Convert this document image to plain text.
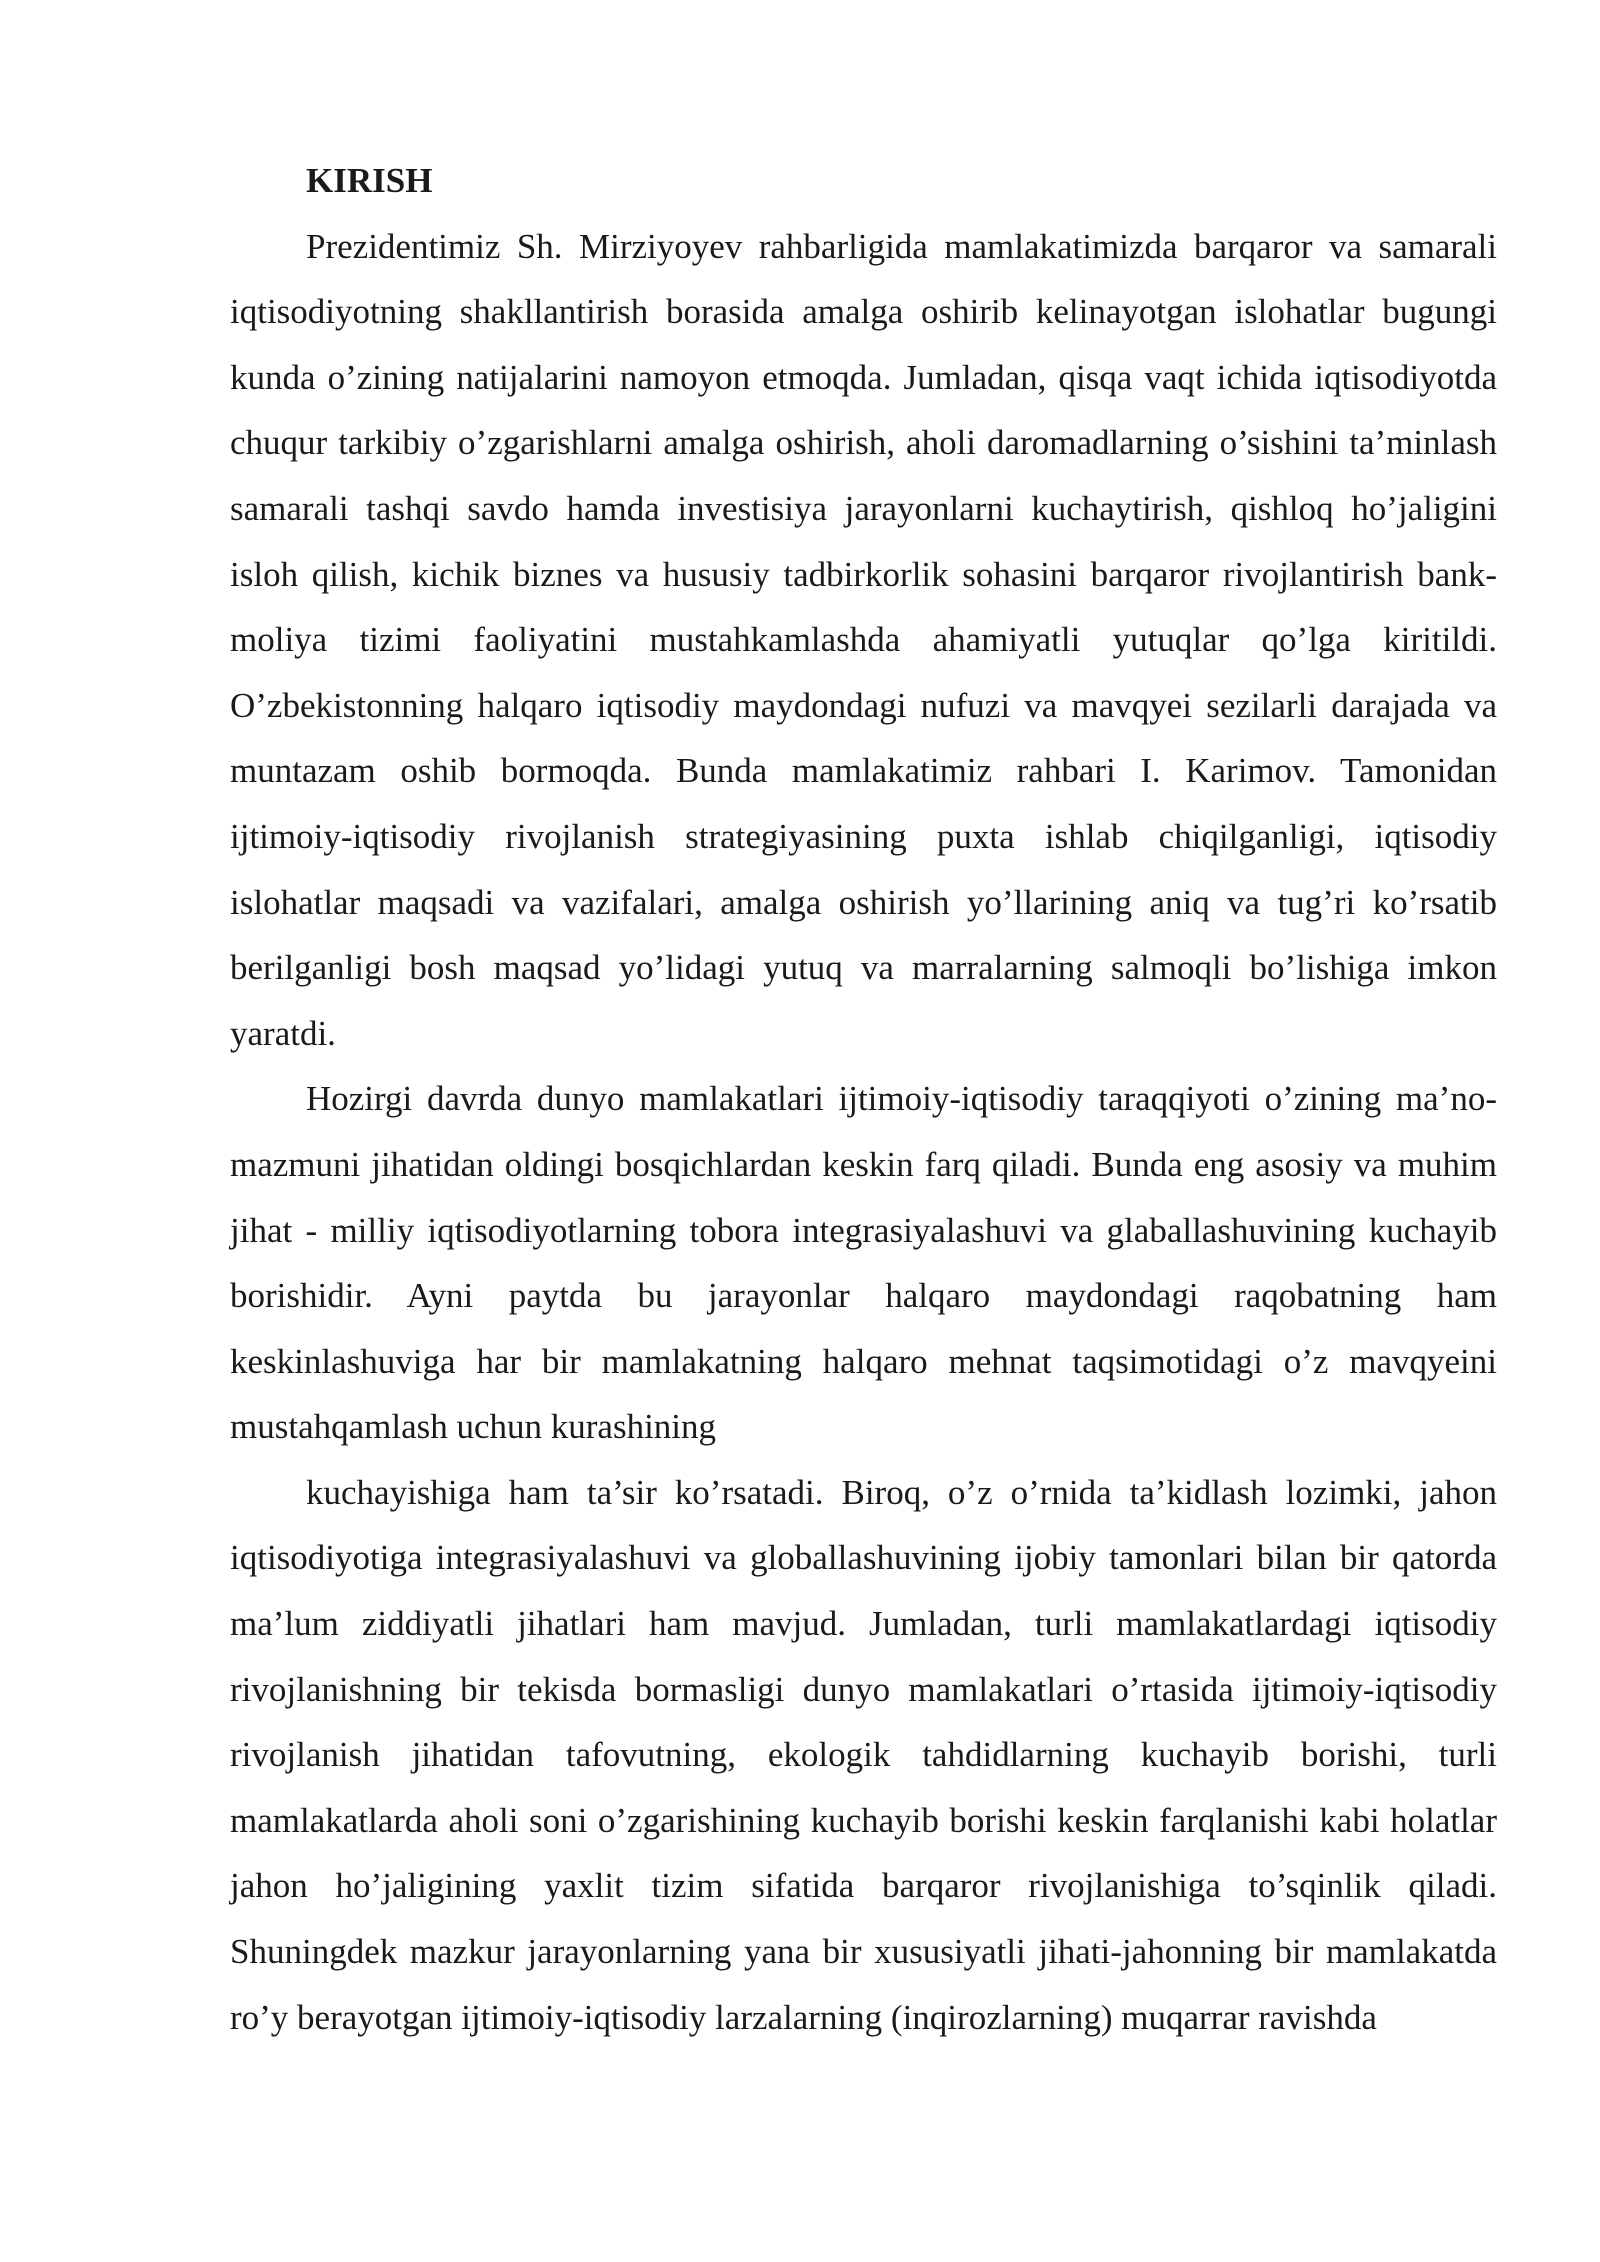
KIRISH

Prezidentimiz Sh. Mirziyoyev rahbarligida mamlakatimizda barqaror va samarali iqtisodiyotning shakllantirish borasida amalga oshirib kelinayotgan islohatlar bugungi kunda o’zining natijalarini namoyon etmoqda. Jumladan, qisqa vaqt ichida iqtisodiyotda chuqur tarkibiy o’zgarishlarni amalga oshirish, aholi daromadlarning o’sishini ta’minlash samarali tashqi savdo hamda investisiya jarayonlarni kuchaytirish, qishloq ho’jaligini isloh qilish, kichik biznes va hususiy tadbirkorlik sohasini barqaror rivojlantirish bank-moliya tizimi faoliyatini mustahkamlashda ahamiyatli yutuqlar qo’lga kiritildi. O’zbekistonning halqaro iqtisodiy maydondagi nufuzi va mavqyei sezilarli darajada va muntazam oshib bormoqda. Bunda mamlakatimiz rahbari I. Karimov. Tamonidan ijtimoiy-iqtisodiy rivojlanish strategiyasining puxta ishlab chiqilganligi, iqtisodiy islohatlar maqsadi va vazifalari, amalga oshirish yo’llarining aniq va tug’ri ko’rsatib berilganligi bosh maqsad yo’lidagi yutuq va marralarning salmoqli bo’lishiga imkon yaratdi.

Hozirgi davrda dunyo mamlakatlari ijtimoiy-iqtisodiy taraqqiyoti o’zining ma’no-mazmuni jihatidan oldingi bosqichlardan keskin farq qiladi. Bunda eng asosiy va muhim jihat - milliy iqtisodiyotlarning tobora integrasiyalashuvi va glaballashuvining kuchayib borishidir. Ayni paytda bu jarayonlar halqaro maydondagi raqobatning ham keskinlashuviga har bir mamlakatning halqaro mehnat taqsimotidagi o’z mavqyeini mustahqamlash uchun kurashining

kuchayishiga ham ta’sir ko’rsatadi. Biroq, o’z o’rnida ta’kidlash lozimki, jahon iqtisodiyotiga integrasiyalashuvi va globallashuvining ijobiy tamonlari bilan bir qatorda ma’lum ziddiyatli jihatlari ham mavjud. Jumladan, turli mamlakatlardagi iqtisodiy rivojlanishning bir tekisda bormasligi dunyo mamlakatlari o’rtasida ijtimoiy-iqtisodiy rivojlanish jihatidan tafovutning, ekologik tahdidlarning kuchayib borishi, turli mamlakatlarda aholi soni o’zgarishining kuchayib borishi keskin farqlanishi kabi holatlar jahon ho’jaligining yaxlit tizim sifatida barqaror rivojlanishiga to’sqinlik qiladi. Shuningdek mazkur jarayonlarning yana bir xususiyatli jihati-jahonning bir mamlakatda ro’y berayotgan ijtimoiy-iqtisodiy larzalarning (inqirozlarning) muqarrar ravishda
